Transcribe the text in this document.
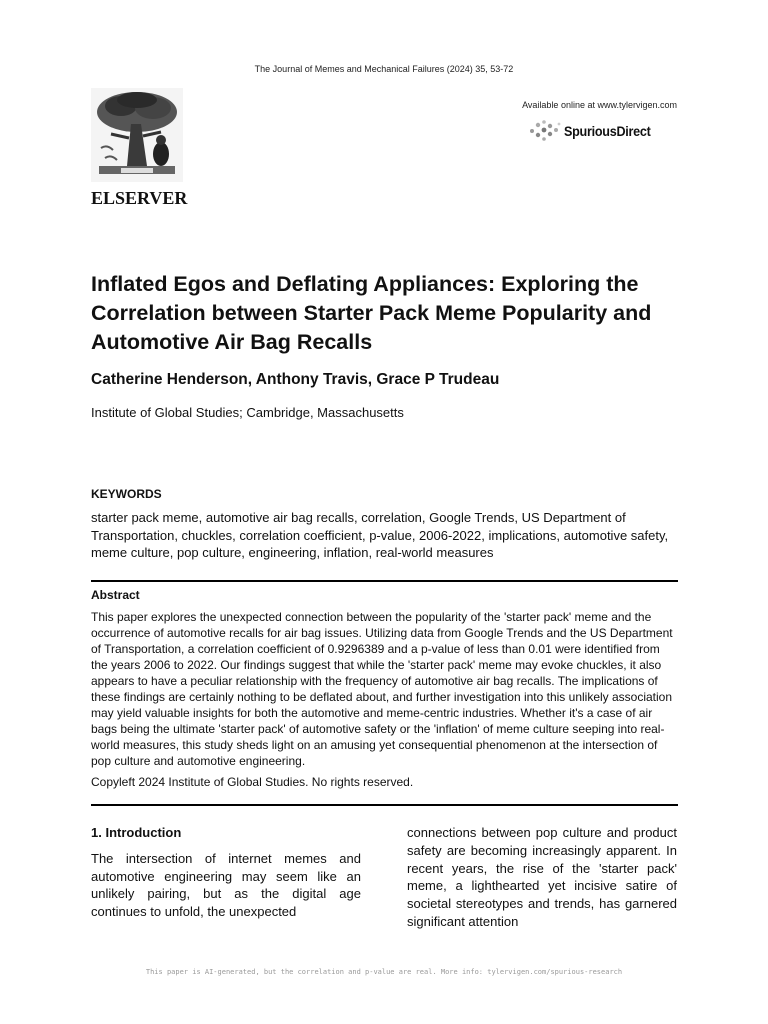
The Journal of Memes and Mechanical Failures (2024) 35, 53-72
ELSERVER
Available online at www.tylervigen.com
SpuriousDirect
Inflated Egos and Deflating Appliances: Exploring the Correlation between Starter Pack Meme Popularity and Automotive Air Bag Recalls
Catherine Henderson, Anthony Travis, Grace P Trudeau
Institute of Global Studies; Cambridge, Massachusetts
KEYWORDS
starter pack meme, automotive air bag recalls, correlation, Google Trends, US Department of Transportation, chuckles, correlation coefficient, p-value, 2006-2022, implications, automotive safety, meme culture, pop culture, engineering, inflation, real-world measures
Abstract

This paper explores the unexpected connection between the popularity of the 'starter pack' meme and the occurrence of automotive recalls for air bag issues. Utilizing data from Google Trends and the US Department of Transportation, a correlation coefficient of 0.9296389 and a p-value of less than 0.01 were identified from the years 2006 to 2022. Our findings suggest that while the 'starter pack' meme may evoke chuckles, it also appears to have a peculiar relationship with the frequency of automotive air bag recalls. The implications of these findings are certainly nothing to be deflated about, and further investigation into this unlikely association may yield valuable insights for both the automotive and meme-centric industries. Whether it's a case of air bags being the ultimate 'starter pack' of automotive safety or the 'inflation' of meme culture seeping into real-world measures, this study sheds light on an amusing yet consequential phenomenon at the intersection of pop culture and automotive engineering.

Copyleft 2024 Institute of Global Studies. No rights reserved.
1. Introduction

The intersection of internet memes and automotive engineering may seem like an unlikely pairing, but as the digital age continues to unfold, the unexpected

connections between pop culture and product safety are becoming increasingly apparent. In recent years, the rise of the 'starter pack' meme, a lighthearted yet incisive satire of societal stereotypes and trends, has garnered significant attention

This paper is AI-generated, but the correlation and p-value are real. More info: tylervigen.com/spurious-research
